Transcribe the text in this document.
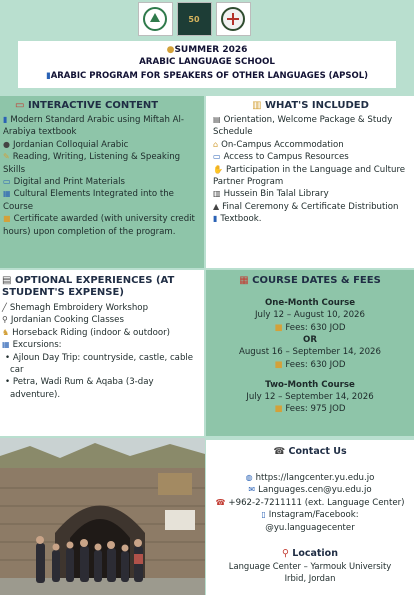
50
●SUMMER 2026
ARABIC LANGUAGE SCHOOL
▮ARABIC PROGRAM FOR SPEAKERS OF OTHER LANGUAGES (APSOL)
▭ INTERACTIVE CONTENT
▮ Modern Standard Arabic using Miftah Al-Arabiya textbook
● Jordanian Colloquial Arabic
✎ Reading, Writing, Listening & Speaking Skills
▭ Digital and Print Materials
▦ Cultural Elements Integrated into the Course
■ Certificate awarded (with university credit hours) upon completion of the program.
▥ WHAT'S INCLUDED
▤ Orientation, Welcome Package & Study Schedule
⌂ On-Campus Accommodation
▭ Access to Campus Resources
✋ Participation in the Language and Culture Partner Program
▥ Hussein Bin Talal Library
▲ Final Ceremony & Certificate Distribution
▮ Textbook.
▤ OPTIONAL EXPERIENCES (AT STUDENT'S EXPENSE)
╱ Shemagh Embroidery Workshop
⚲ Jordanian Cooking Classes
♞ Horseback Riding (indoor & outdoor)
▦ Excursions:
• Ajloun Day Trip: countryside, castle, cable car
• Petra, Wadi Rum & Aqaba (3-day adventure).
▦ COURSE DATES & FEES
One-Month Course
July 12 – August 10, 2026
■ Fees: 630 JOD
OR
August 16 – September 14, 2026
■ Fees: 630 JOD
Two-Month Course
July 12 – September 14, 2026
■ Fees: 975 JOD
☎ Contact Us
◍ https://langcenter.yu.edu.jo
✉ Languages.cen@yu.edu.jo
☎ +962-2-7211111 (ext. Language Center)
▯ Instagram/Facebook: @yu.languagecenter
⚲ Location
Language Center – Yarmouk University
Irbid, Jordan
